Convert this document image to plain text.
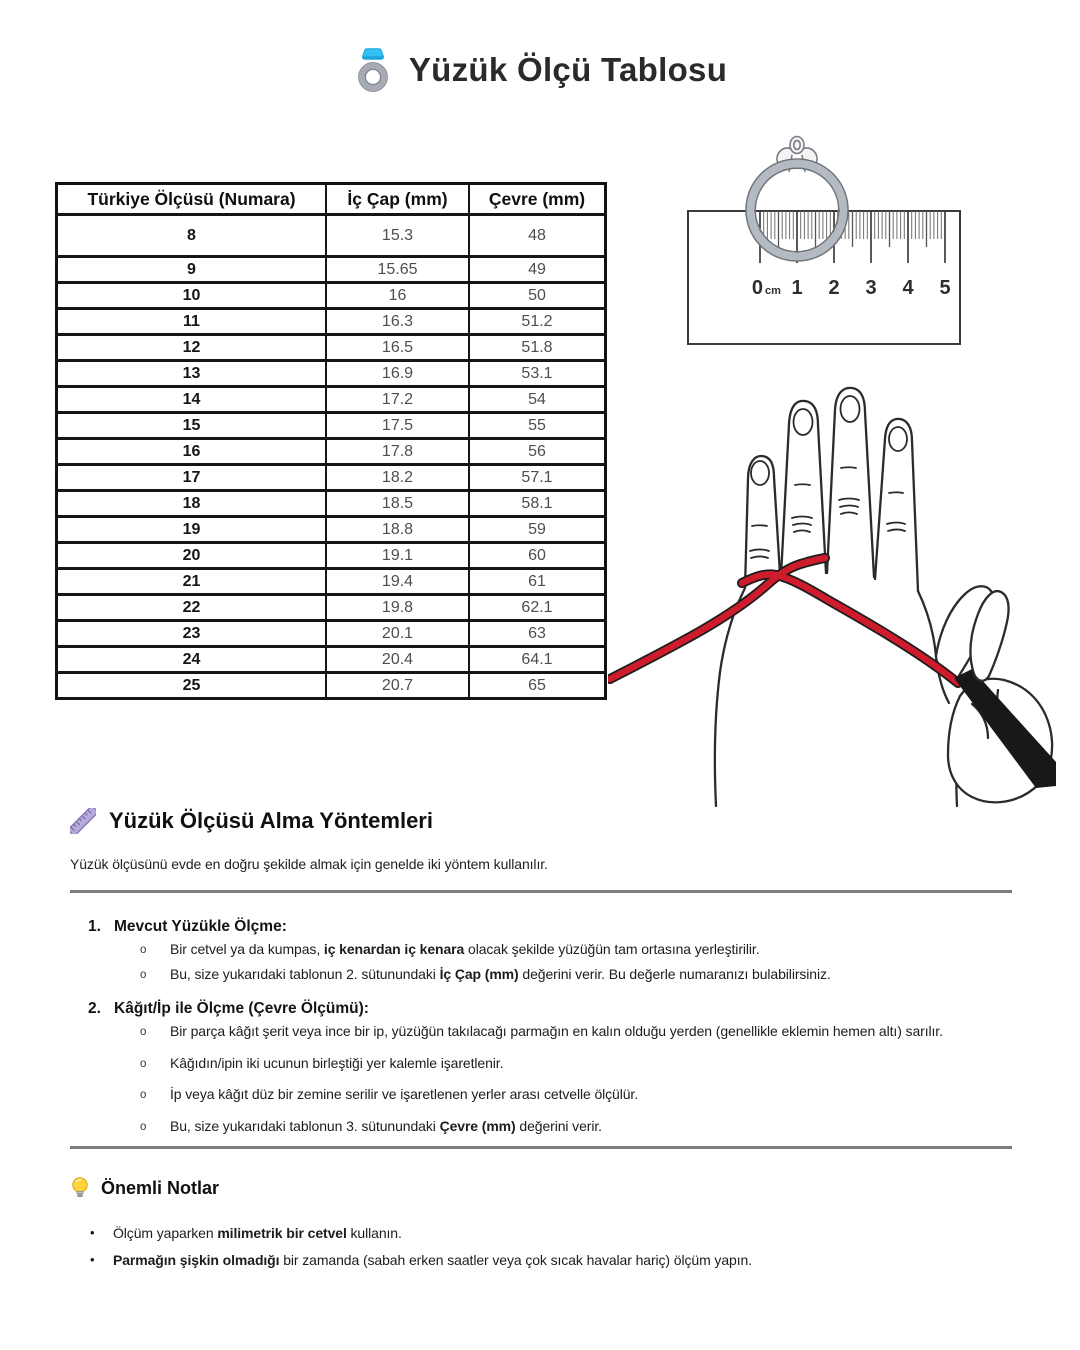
Yüzük Ölçü Tablosu
Türkiye Ölçüsü (Numara)	İç Çap (mm)	Çevre (mm)
8	15.3	48
9	15.65	49
10	16	50
11	16.3	51.2
12	16.5	51.8
13	16.9	53.1
14	17.2	54
15	17.5	55
16	17.8	56
17	18.2	57.1
18	18.5	58.1
19	18.8	59
20	19.1	60
21	19.4	61
22	19.8	62.1
23	20.1	63
24	20.4	64.1
25	20.7	65
0 cm 1 2 3 4 5
Yüzük Ölçüsü Alma Yöntemleri
Yüzük ölçüsünü evde en doğru şekilde almak için genelde iki yöntem kullanılır.
1. Mevcut Yüzükle Ölçme:
o Bir cetvel ya da kumpas, iç kenardan iç kenara olacak şekilde yüzüğün tam ortasına yerleştirilir.
o Bu, size yukarıdaki tablonun 2. sütunundaki İç Çap (mm) değerini verir. Bu değerle numaranızı bulabilirsiniz.
2. Kâğıt/İp ile Ölçme (Çevre Ölçümü):
o Bir parça kâğıt şerit veya ince bir ip, yüzüğün takılacağı parmağın en kalın olduğu yerden (genellikle eklemin hemen altı) sarılır.
o Kâğıdın/ipin iki ucunun birleştiği yer kalemle işaretlenir.
o İp veya kâğıt düz bir zemine serilir ve işaretlenen yerler arası cetvelle ölçülür.
o Bu, size yukarıdaki tablonun 3. sütunundaki Çevre (mm) değerini verir.
Önemli Notlar
•	Ölçüm yaparken milimetrik bir cetvel kullanın.
•	Parmağın şişkin olmadığı bir zamanda (sabah erken saatler veya çok sıcak havalar hariç) ölçüm yapın.
